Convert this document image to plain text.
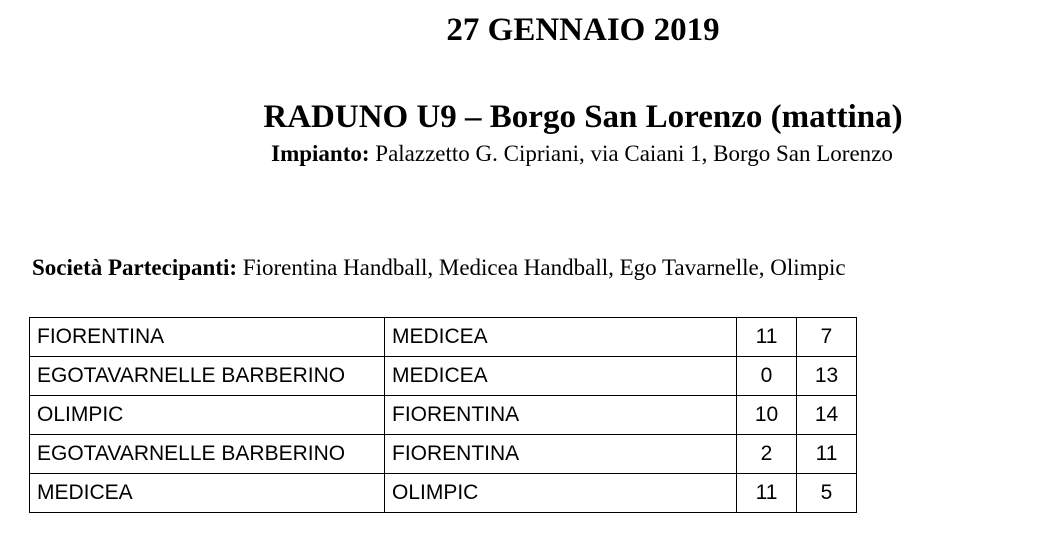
27 GENNAIO 2019
RADUNO U9 – Borgo San Lorenzo (mattina)
Impianto: Palazzetto G. Cipriani, via Caiani 1, Borgo San Lorenzo
Società Partecipanti: Fiorentina Handball, Medicea Handball, Ego Tavarnelle, Olimpic
FIORENTINA	MEDICEA	11	7
EGOTAVARNELLE BARBERINO	MEDICEA	0	13
OLIMPIC	FIORENTINA	10	14
EGOTAVARNELLE BARBERINO	FIORENTINA	2	11
MEDICEA	OLIMPIC	11	5
